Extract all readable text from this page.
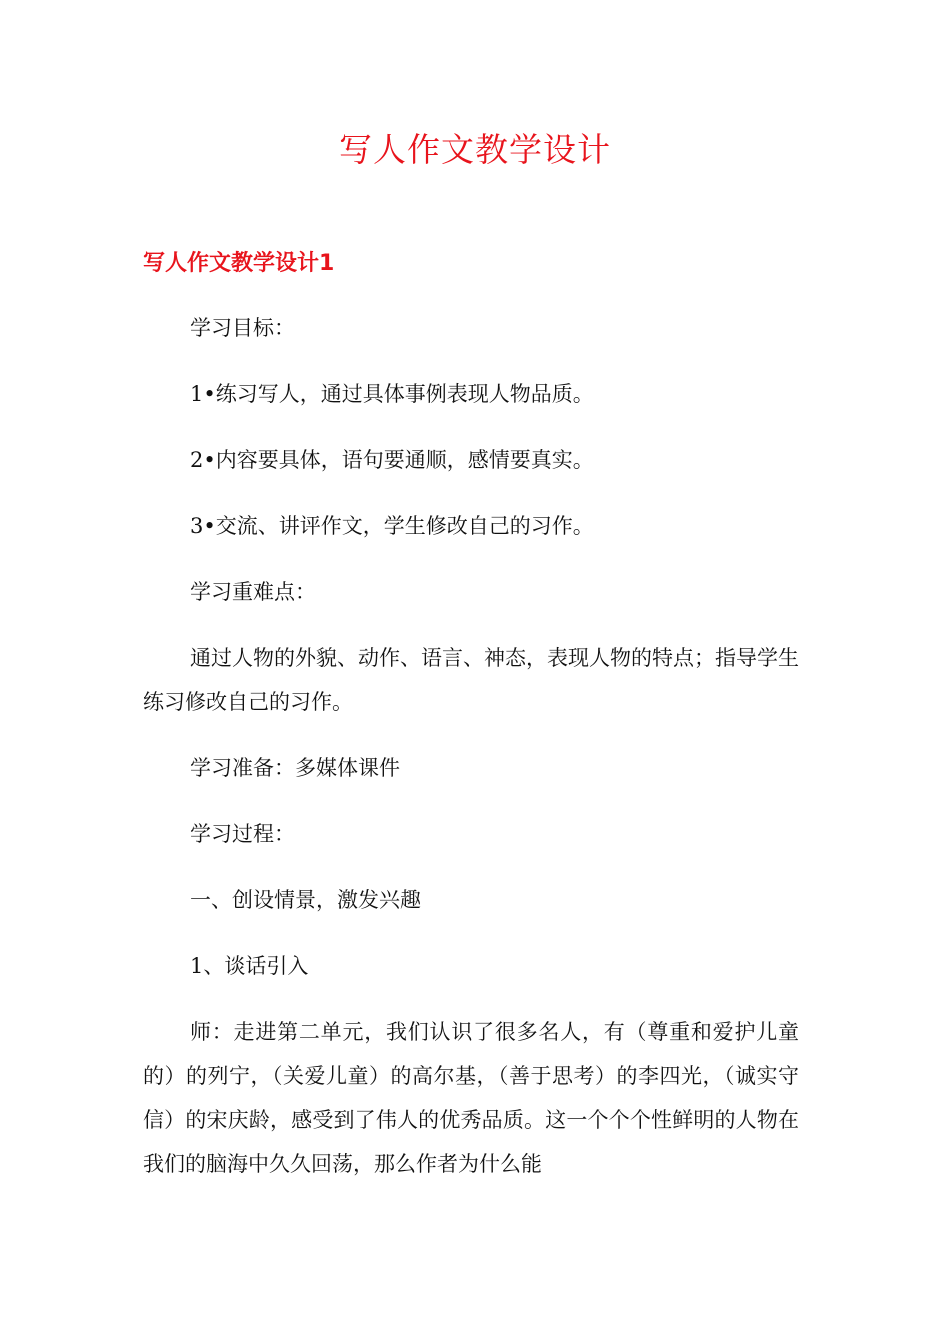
写人作文教学设计
写人作文教学设计1

学习目标：

1•练习写人，通过具体事例表现人物品质。

2•内容要具体，语句要通顺，感情要真实。

3•交流、讲评作文，学生修改自己的习作。

学习重难点：

通过人物的外貌、动作、语言、神态，表现人物的特点；指导学生练习修改自己的习作。

学习准备：多媒体课件

学习过程：

一、创设情景，激发兴趣

1、谈话引入

师：走进第二单元，我们认识了很多名人，有（尊重和爱护儿童的）的列宁，（关爱儿童）的高尔基，（善于思考）的李四光，（诚实守信）的宋庆龄，感受到了伟人的优秀品质。这一个个个性鲜明的人物在我们的脑海中久久回荡，那么作者为什么能
